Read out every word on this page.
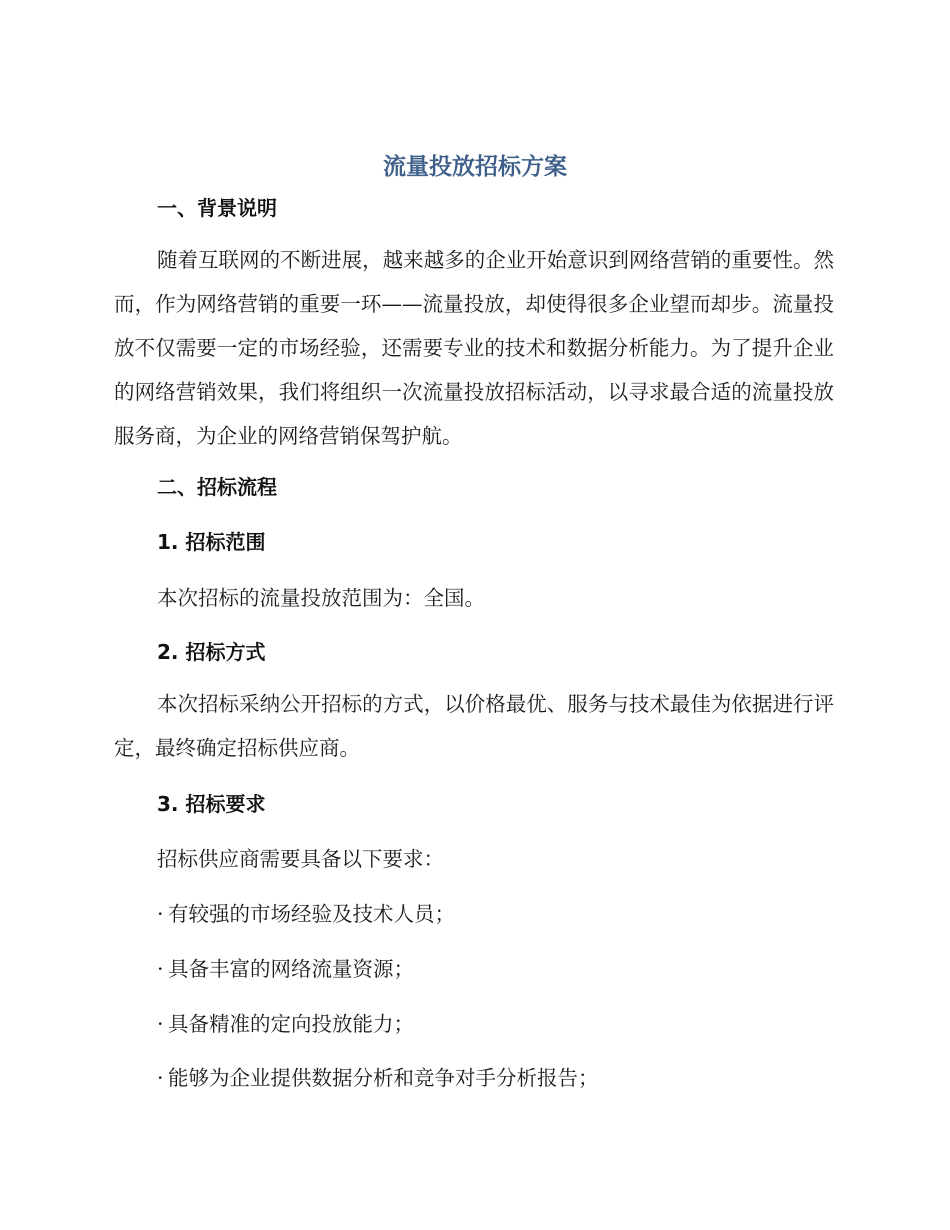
流量投放招标方案
一、背景说明
随着互联网的不断进展，越来越多的企业开始意识到网络营销的重要性。然而，作为网络营销的重要一环——流量投放，却使得很多企业望而却步。流量投放不仅需要一定的市场经验，还需要专业的技术和数据分析能力。为了提升企业的网络营销效果，我们将组织一次流量投放招标活动，以寻求最合适的流量投放服务商，为企业的网络营销保驾护航。
二、招标流程
1. 招标范围
本次招标的流量投放范围为：全国。
2. 招标方式
本次招标采纳公开招标的方式，以价格最优、服务与技术最佳为依据进行评定，最终确定招标供应商。
3. 招标要求
招标供应商需要具备以下要求：
· 有较强的市场经验及技术人员；
· 具备丰富的网络流量资源；
· 具备精准的定向投放能力；
· 能够为企业提供数据分析和竞争对手分析报告；
